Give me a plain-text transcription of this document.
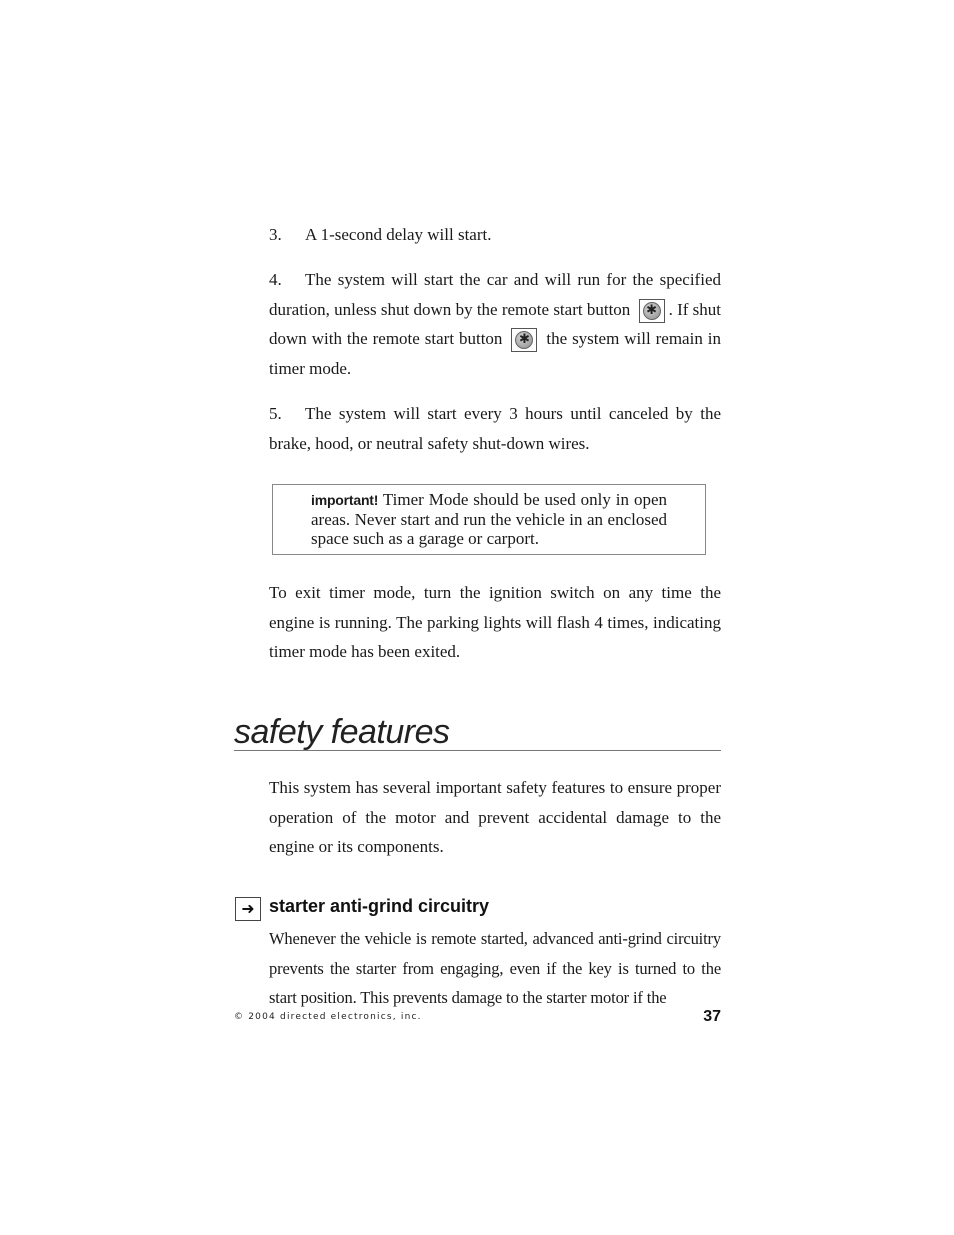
3. A 1-second delay will start.
4. The system will start the car and will run for the specified duration, unless shut down by the remote start button ✱ . If shut down with the remote start button ✱ the system will remain in timer mode.
5. The system will start every 3 hours until canceled by the brake, hood, or neutral safety shut-down wires.
important! Timer Mode should be used only in open areas. Never start and run the vehicle in an enclosed space such as a garage or carport.
To exit timer mode, turn the ignition switch on any time the engine is running. The parking lights will flash 4 times, indicating timer mode has been exited.
safety features
This system has several important safety features to ensure proper operation of the motor and prevent accidental damage to the engine or its components.
➜ starter anti-grind circuitry
Whenever the vehicle is remote started, advanced anti-grind circuitry prevents the starter from engaging, even if the key is turned to the start position. This prevents damage to the starter motor if the
© 2004 directed electronics, inc.	37
